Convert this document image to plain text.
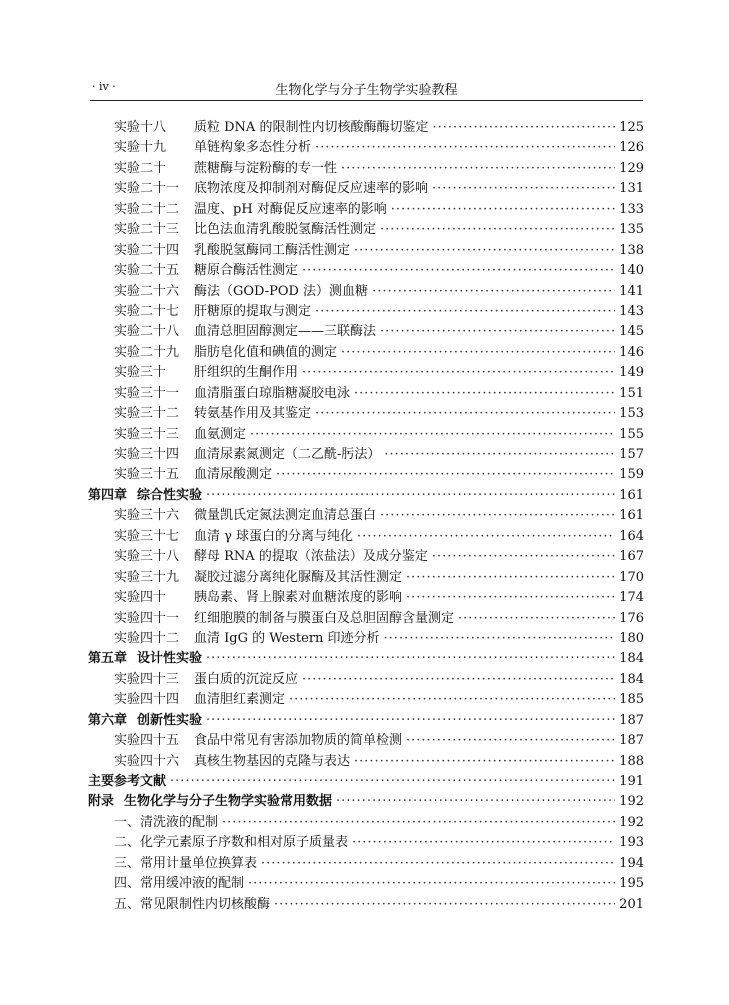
· iv ·	生物化学与分子生物学实验教程
实验十八 质粒 DNA 的限制性内切核酸酶酶切鉴定 ·····	125
实验十九 单链构象多态性分析 ·····	126
实验二十 蔗糖酶与淀粉酶的专一性 ·····	129
实验二十一 底物浓度及抑制剂对酶促反应速率的影响 ·····	131
实验二十二 温度、pH 对酶促反应速率的影响 ·····	133
实验二十三 比色法血清乳酸脱氢酶活性测定 ·····	135
实验二十四 乳酸脱氢酶同工酶活性测定 ·····	138
实验二十五 糖原合酶活性测定 ·····	140
实验二十六 酶法（GOD-POD 法）测血糖 ·····	141
实验二十七 肝糖原的提取与测定 ·····	143
实验二十八 血清总胆固醇测定——三联酶法 ·····	145
实验二十九 脂肪皂化值和碘值的测定 ·····	146
实验三十 肝组织的生酮作用 ·····	149
实验三十一 血清脂蛋白琼脂糖凝胶电泳 ·····	151
实验三十二 转氨基作用及其鉴定 ·····	153
实验三十三 血氨测定 ·····	155
实验三十四 血清尿素氮测定（二乙酰-肟法） ·····	157
实验三十五 血清尿酸测定 ·····	159
第四章 综合性实验 ·····	161
实验三十六 微量凯氏定氮法测定血清总蛋白 ·····	161
实验三十七 血清 γ 球蛋白的分离与纯化 ·····	164
实验三十八 酵母 RNA 的提取（浓盐法）及成分鉴定 ·····	167
实验三十九 凝胶过滤分离纯化脲酶及其活性测定 ·····	170
实验四十 胰岛素、肾上腺素对血糖浓度的影响 ·····	174
实验四十一 红细胞膜的制备与膜蛋白及总胆固醇含量测定 ·····	176
实验四十二 血清 IgG 的 Western 印迹分析 ·····	180
第五章 设计性实验 ·····	184
实验四十三 蛋白质的沉淀反应 ·····	184
实验四十四 血清胆红素测定 ·····	185
第六章 创新性实验 ·····	187
实验四十五 食品中常见有害添加物质的简单检测 ·····	187
实验四十六 真核生物基因的克隆与表达 ·····	188
主要参考文献 ·····	191
附录 生物化学与分子生物学实验常用数据 ·····	192
一、清洗液的配制 ·····	192
二、化学元素原子序数和相对原子质量表 ·····	193
三、常用计量单位换算表 ·····	194
四、常用缓冲液的配制 ·····	195
五、常见限制性内切核酸酶 ·····	201
